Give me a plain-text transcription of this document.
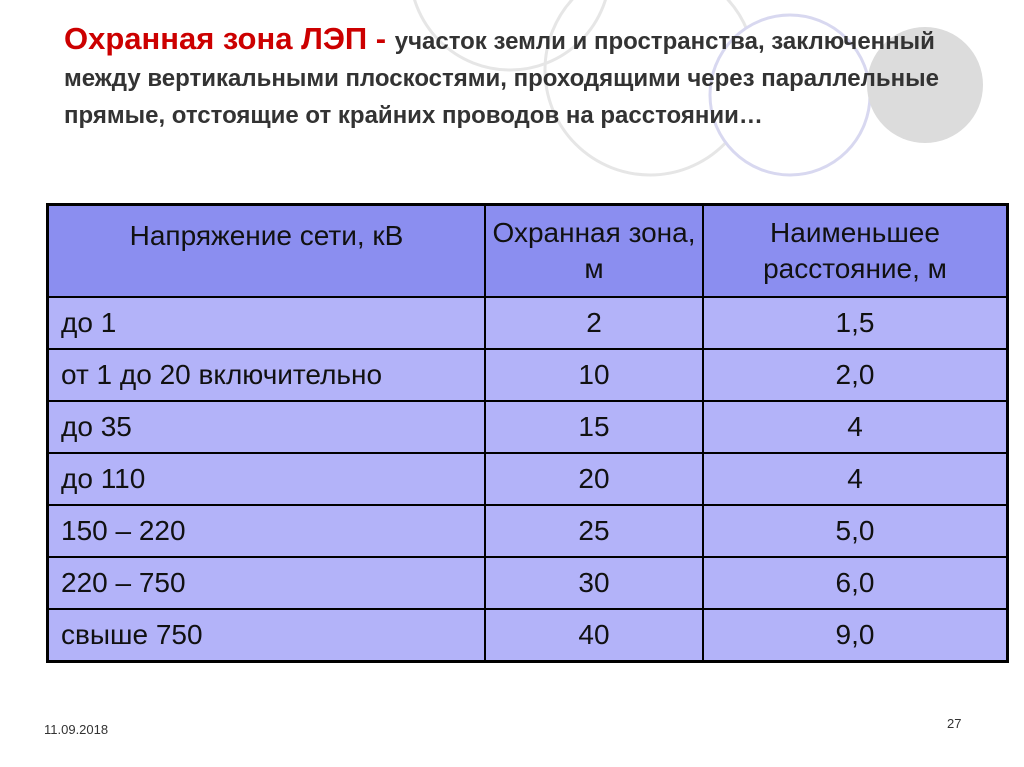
Охранная зона ЛЭП - участок земли и пространства, заключенный между вертикальными плоскостями, проходящими через параллельные прямые, отстоящие от крайних проводов на расстоянии…
Напряжение сети, кВ	Охранная зона, м	Наименьшее расстояние, м
до 1	2	1,5
от 1 до 20 включительно	10	2,0
до 35	15	4
до 110	20	4
150 – 220	25	5,0
220 – 750	30	6,0
свыше 750	40	9,0
11.09.2018	27
